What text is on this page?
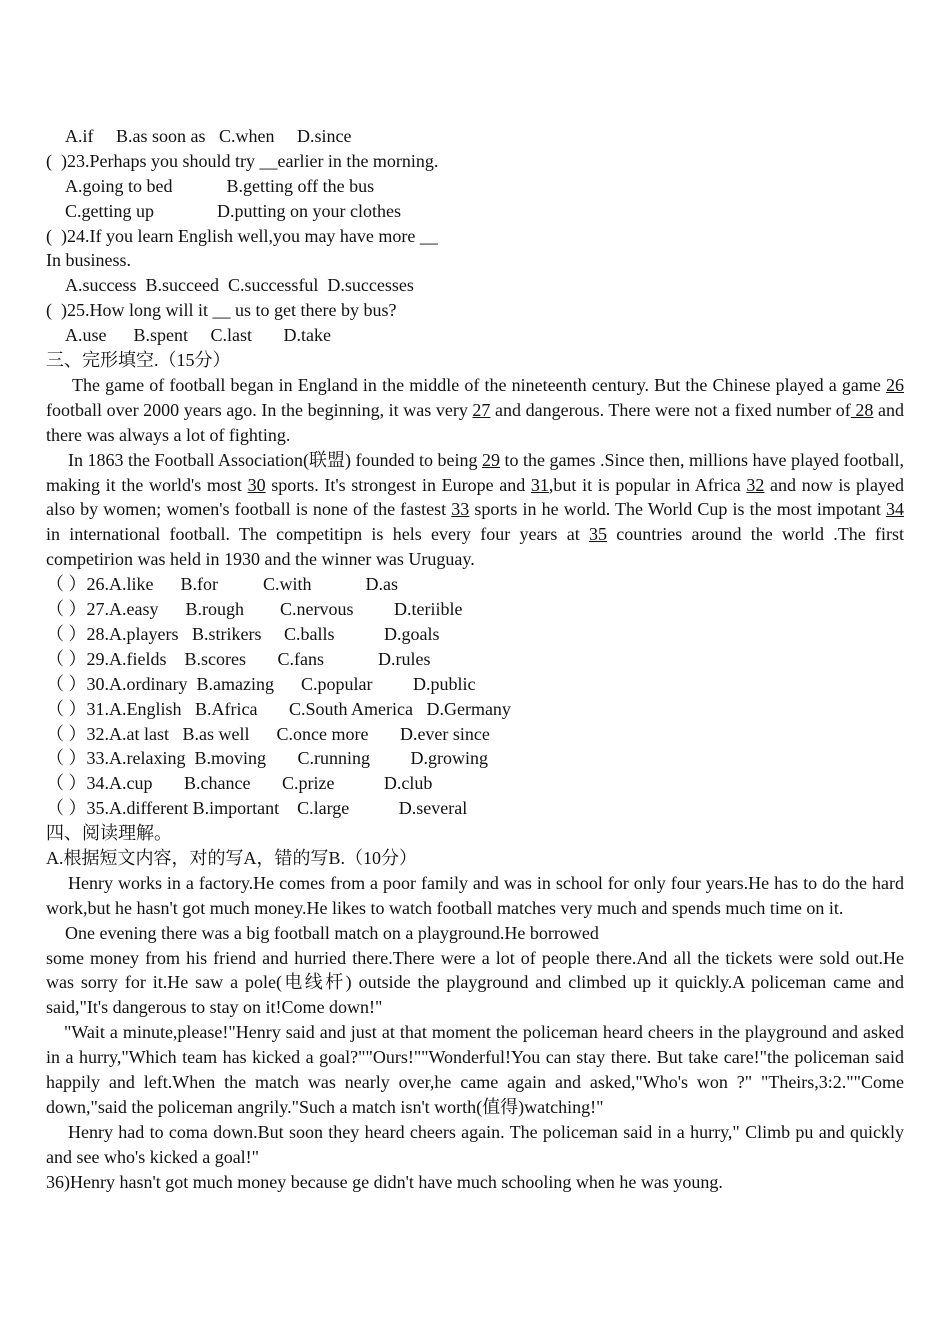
A.if     B.as soon as   C.when     D.since
(  )23.Perhaps you should try __earlier in the morning.
A.going to bed            B.getting off the bus
C.getting up              D.putting on your clothes
(  )24.If you learn English well,you may have more __
In business.
A.success  B.succeed  C.successful  D.successes
(  )25.How long will it __ us to get there by bus?
A.use      B.spent     C.last       D.take
三、完形填空.（15分）

The game of football began in England in the middle of the nineteenth century. But the Chinese played a game 26 football over 2000 years ago. In the beginning, it was very 27 and dangerous. There were not a fixed number of 28 and there was always a lot of fighting.

In 1863 the Football Association(联盟) founded to being 29 to the games .Since then, millions have played football, making it the world's most 30 sports. It's strongest in Europe and 31,but it is popular in Africa 32 and now is played also by women; women's football is none of the fastest 33 sports in he world. The World Cup is the most impotant 34 in international football. The competitipn is hels every four years at 35 countries around the world .The first competirion was held in 1930 and the winner was Uruguay.

（ ）26.A.like      B.for          C.with            D.as
（ ）27.A.easy      B.rough        C.nervous         D.teriible
（ ）28.A.players   B.strikers     C.balls           D.goals
（ ）29.A.fields    B.scores       C.fans            D.rules
（ ）30.A.ordinary  B.amazing      C.popular         D.public
（ ）31.A.English   B.Africa       C.South America   D.Germany
（ ）32.A.at last   B.as well      C.once more       D.ever since
（ ）33.A.relaxing  B.moving       C.running         D.growing
（ ）34.A.cup       B.chance       C.prize           D.club
（ ）35.A.different B.important    C.large           D.several
四、阅读理解。
A.根据短文内容，对的写A，错的写B.（10分）

Henry works in a factory.He comes from a poor family and was in school for only four years.He has to do the hard work,but he hasn't got much money.He likes to watch football matches very much and spends much time on it.

One evening there was a big football match on a playground.He borrowed

some money from his friend and hurried there.There were a lot of people there.And all the tickets were sold out.He was sorry for it.He saw a pole(电线杆) outside the playground and climbed up it quickly.A policeman came and said,"It's dangerous to stay on it!Come down!"

"Wait a minute,please!"Henry said and just at that moment the policeman heard cheers in the playground and asked in a hurry,"Which team has kicked a goal?""Ours!""Wonderful!You can stay there. But take care!"the policeman said happily and left.When the match was nearly over,he came again and asked,"Who's won ?" "Theirs,3:2.""Come down,"said the policeman angrily."Such a match isn't worth(值得)watching!"

Henry had to coma down.But soon they heard cheers again. The policeman said in a hurry," Climb pu and quickly and see who's kicked a goal!"

36)Henry hasn't got much money because ge didn't have much schooling when he was young.
